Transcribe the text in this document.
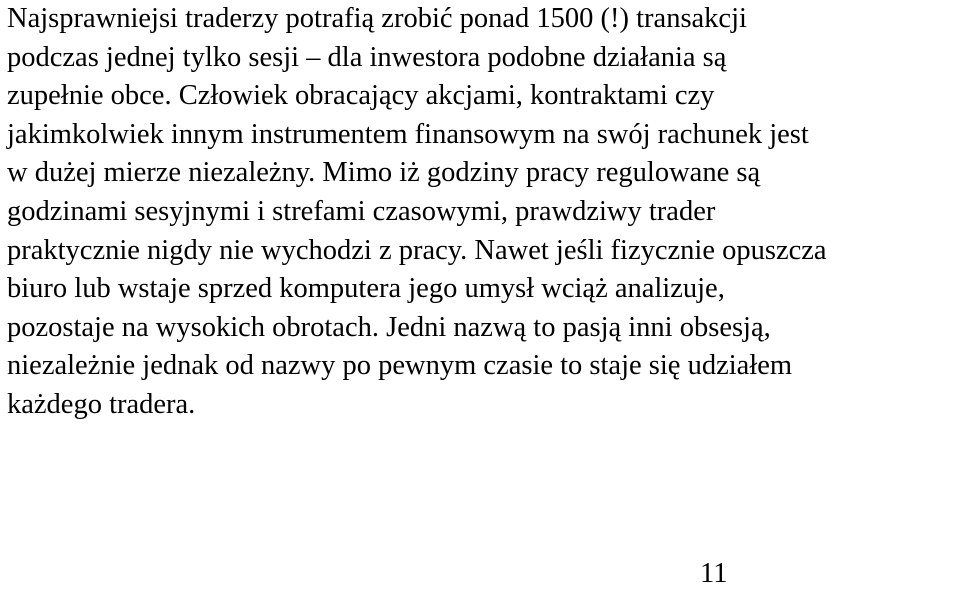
Najsprawniejsi traderzy potrafią zrobić ponad 1500 (!) transakcji
podczas jednej tylko sesji – dla inwestora podobne działania są
zupełnie obce. Człowiek obracający akcjami, kontraktami czy
jakimkolwiek innym instrumentem finansowym na swój rachunek jest
w dużej mierze niezależny. Mimo iż godziny pracy regulowane są
godzinami sesyjnymi i strefami czasowymi, prawdziwy trader
praktycznie nigdy nie wychodzi z pracy. Nawet jeśli fizycznie opuszcza
biuro lub wstaje sprzed komputera jego umysł wciąż analizuje,
pozostaje na wysokich obrotach. Jedni nazwą to pasją inni obsesją,
niezależnie jednak od nazwy po pewnym czasie to staje się udziałem
każdego tradera.

11
